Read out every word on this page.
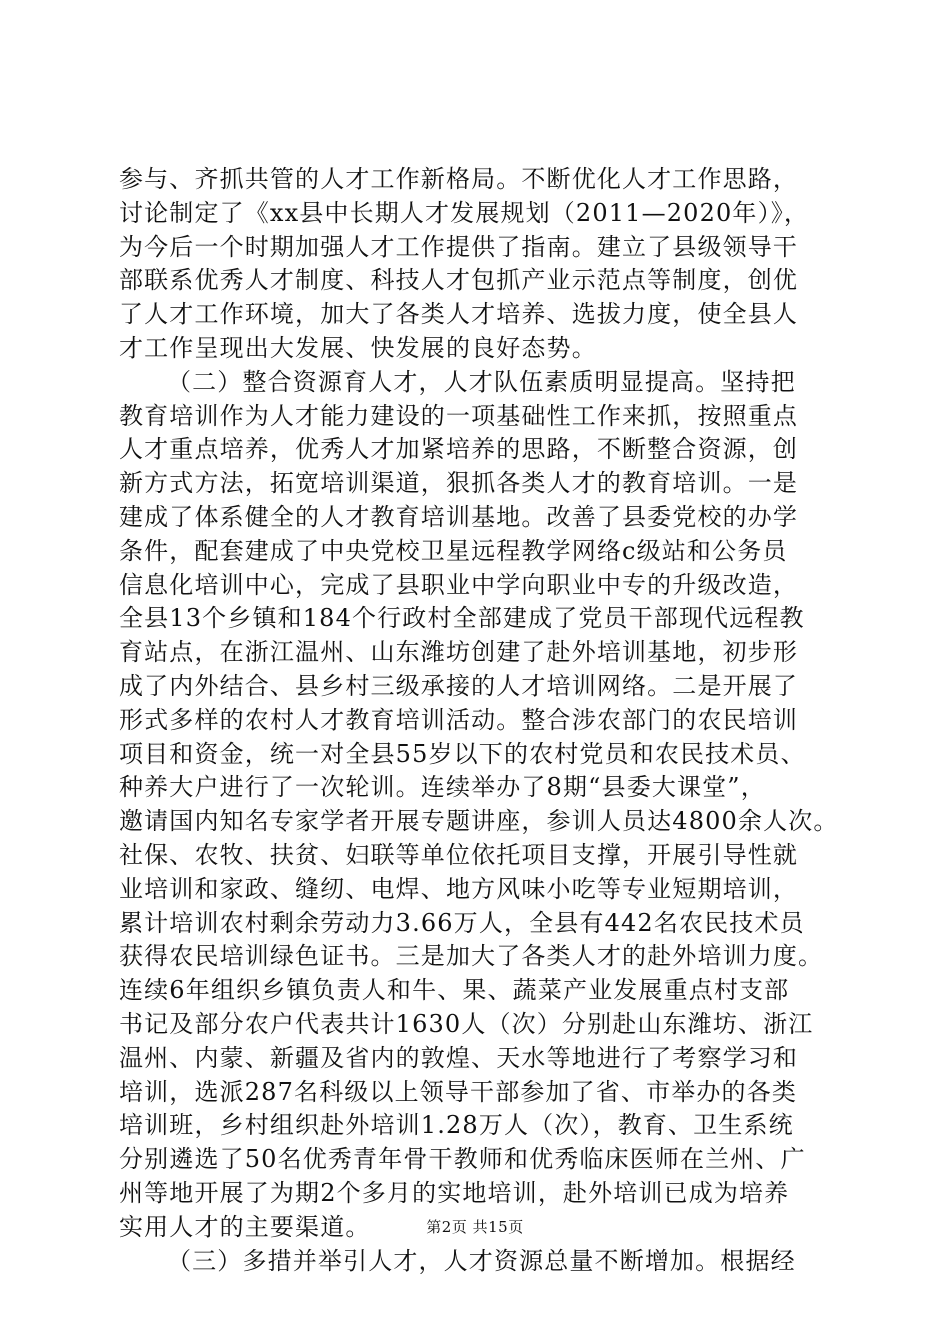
参与、齐抓共管的人才工作新格局。不断优化人才工作思路，
讨论制定了《xx县中长期人才发展规划（2011—2020年）》，
为今后一个时期加强人才工作提供了指南。建立了县级领导干
部联系优秀人才制度、科技人才包抓产业示范点等制度，创优
了人才工作环境，加大了各类人才培养、选拔力度，使全县人
才工作呈现出大发展、快发展的良好态势。
（二）整合资源育人才，人才队伍素质明显提高。坚持把
教育培训作为人才能力建设的一项基础性工作来抓，按照重点
人才重点培养，优秀人才加紧培养的思路，不断整合资源，创
新方式方法，拓宽培训渠道，狠抓各类人才的教育培训。一是
建成了体系健全的人才教育培训基地。改善了县委党校的办学
条件，配套建成了中央党校卫星远程教学网络c级站和公务员
信息化培训中心，完成了县职业中学向职业中专的升级改造，
全县13个乡镇和184个行政村全部建成了党员干部现代远程教
育站点，在浙江温州、山东潍坊创建了赴外培训基地，初步形
成了内外结合、县乡村三级承接的人才培训网络。二是开展了
形式多样的农村人才教育培训活动。整合涉农部门的农民培训
项目和资金，统一对全县55岁以下的农村党员和农民技术员、
种养大户进行了一次轮训。连续举办了8期“县委大课堂”，
邀请国内知名专家学者开展专题讲座，参训人员达4800余人次。
社保、农牧、扶贫、妇联等单位依托项目支撑，开展引导性就
业培训和家政、缝纫、电焊、地方风味小吃等专业短期培训，
累计培训农村剩余劳动力3.66万人，全县有442名农民技术员
获得农民培训绿色证书。三是加大了各类人才的赴外培训力度。
连续6年组织乡镇负责人和牛、果、蔬菜产业发展重点村支部
书记及部分农户代表共计1630人（次）分别赴山东潍坊、浙江
温州、内蒙、新疆及省内的敦煌、天水等地进行了考察学习和
培训，选派287名科级以上领导干部参加了省、市举办的各类
培训班，乡村组织赴外培训1.28万人（次），教育、卫生系统
分别遴选了50名优秀青年骨干教师和优秀临床医师在兰州、广
州等地开展了为期2个多月的实地培训，赴外培训已成为培养
实用人才的主要渠道。
（三）多措并举引人才，人才资源总量不断增加。根据经
第2页 共15页
